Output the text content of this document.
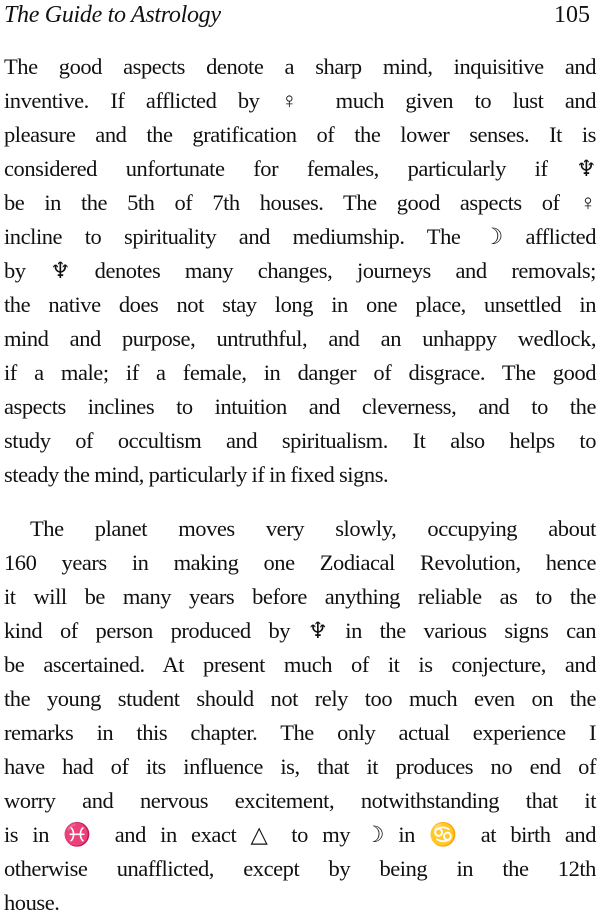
The Guide to Astrology	105

The good aspects denote a sharp mind, inquisitive and
inventive. If afflicted by ♀ much given to lust and
pleasure and the gratification of the lower senses. It is
considered unfortunate for females, particularly if ♆
be in the 5th of 7th houses. The good aspects of ♀
incline to spirituality and mediumship. The ☽ afflicted
by ♆ denotes many changes, journeys and removals;
the native does not stay long in one place, unsettled in
mind and purpose, untruthful, and an unhappy wedlock,
if a male; if a female, in danger of disgrace. The good
aspects inclines to intuition and cleverness, and to the
study of occultism and spiritualism. It also helps to
steady the mind, particularly if in fixed signs.

The planet moves very slowly, occupying about
160 years in making one Zodiacal Revolution, hence
it will be many years before anything reliable as to the
kind of person produced by ♆ in the various signs can
be ascertained. At present much of it is conjecture, and
the young student should not rely too much even on the
remarks in this chapter. The only actual experience I
have had of its influence is, that it produces no end of
worry and nervous excitement, notwithstanding that it
is in ♓ and in exact △ to my ☽ in ♋ at birth and
otherwise unafflicted, except by being in the 12th
house.
